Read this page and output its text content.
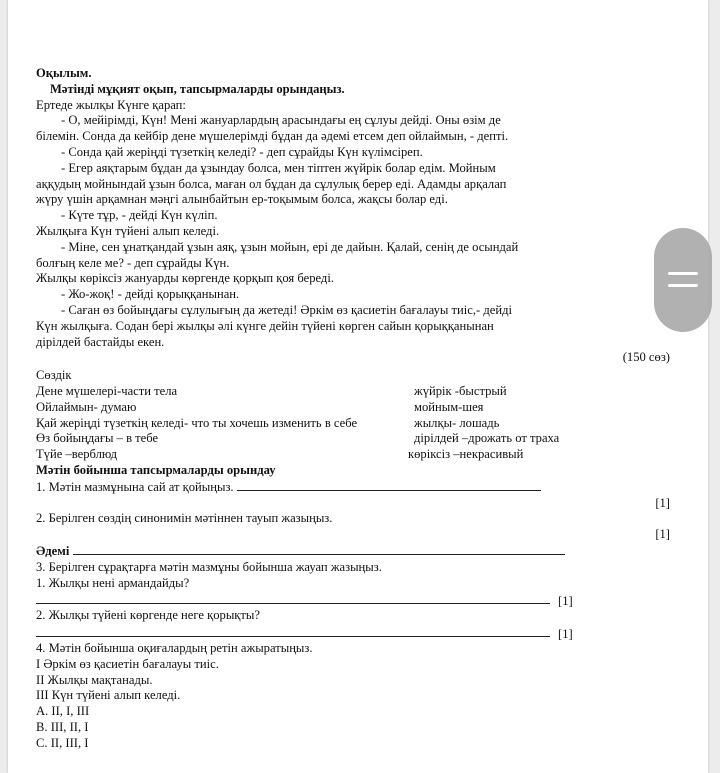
Оқылым.
Мәтінді мұқият оқып, тапсырмаларды орындаңыз.
Ертеде жылқы Күнге қарап:
- О, мейірімді, Күн! Мені жануарлардың арасындағы ең сұлуы дейді. Оны өзім де
білемін. Сонда да кейбір дене мүшелерімді бұдан да әдемі етсем деп ойлаймын, - депті.
- Сонда қай жеріңді түзеткің келеді? - деп сұрайды Күн күлімсіреп.
- Егер аяқтарым бұдан да ұзындау болса, мен тіптен жүйрік болар едім. Мойным
аққудың мойнындай ұзын болса, маған ол бұдан да сұлулық берер еді. Адамды арқалап
жүру үшін арқамнан мәңгі алынбайтын ер-тоқымым болса, жақсы болар еді.
- Күте тұр, - дейді Күн күліп.
Жылқыға Күн түйені алып келеді.
- Міне, сен ұнатқандай ұзын аяқ, ұзын мойын, ері де дайын. Қалай, сенің де осындай
болғың келе ме? - деп сұрайды Күн.
Жылқы көріксіз жануарды көргенде қорқып қоя береді.
- Жо-жоқ! - дейді қорыққанынан.
- Саған өз бойыңдағы сұлулығың да жетеді! Әркім өз қасиетін бағалауы тиіс,- дейді
Күн жылқыға. Содан бері жылқы әлі күнге дейін түйені көрген сайын қорыққанынан
дірілдей бастайды екен.
(150 сөз)
Сөздік
Дене мүшелері-части тела	жүйрік -быстрый
Ойлаймын- думаю	мойным-шея
Қай жеріңді түзеткің келеді- что ты хочешь изменить в себе	жылқы- лошадь
Өз бойыңдағы – в тебе	дірілдей –дрожать от траха
Түйе –верблюд	көріксіз –некрасивый
Мәтін бойынша тапсырмаларды орындау
1. Мәтін мазмұнына сай ат қойыңыз.
[1]

2. Берілген сөздің синонимін мәтіннен тауып жазыңыз.
[1]

Әдемі
3. Берілген сұрақтарға мәтін мазмұны бойынша жауап жазыңыз.
1. Жылқы нені армандайды?
[1]
2. Жылқы түйені көргенде неге қорықты?
[1]
4. Мәтін бойынша оқиғалардың ретін ажыратыңыз.
І Әркім өз қасиетін бағалауы тиіс.
ІІ Жылқы мақтанады.
ІІІ Күн түйені алып келеді.
A. ІІ, І, ІІІ
B. ІІІ, ІІ, І
C. ІІ, ІІІ, І
